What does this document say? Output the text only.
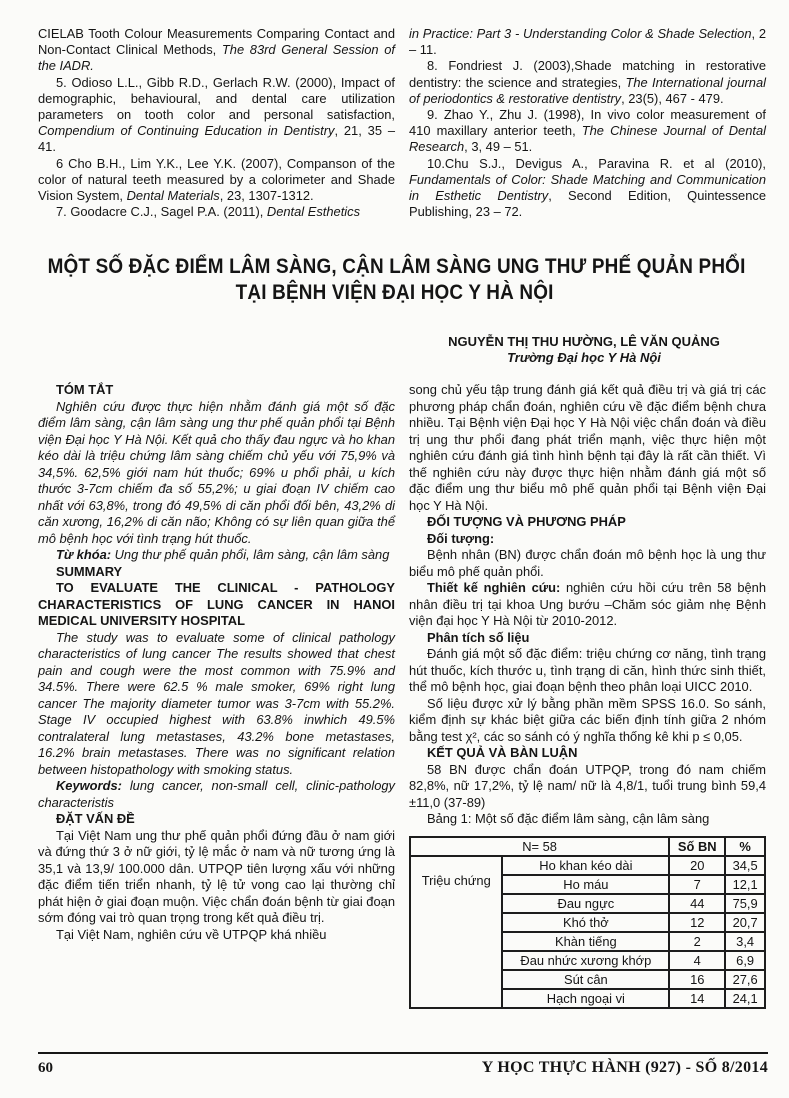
CIELAB Tooth Colour Measurements Comparing Contact and Non-Contact Clinical Methods, The 83rd General Session of the IADR.

5. Odioso L.L., Gibb R.D., Gerlach R.W. (2000), Impact of demographic, behavioural, and dental care utilization parameters on tooth color and personal satisfaction, Compendium of Continuing Education in Dentistry, 21, 35 – 41.

6 Cho B.H., Lim Y.K., Lee Y.K. (2007), Companson of the color of natural teeth measured by a colorimeter and Shade Vision System, Dental Materials, 23, 1307-1312.

7. Goodacre C.J., Sagel P.A. (2011), Dental Esthetics

in Practice: Part 3 - Understanding Color & Shade Selection, 2 – 11.

8. Fondriest J. (2003),Shade matching in restorative dentistry: the science and strategies, The International journal of periodontics & restorative dentistry, 23(5), 467 - 479.

9. Zhao Y., Zhu J. (1998), In vivo color measurement of 410 maxillary anterior teeth, The Chinese Journal of Dental Research, 3, 49 – 51.

10.Chu S.J., Devigus A., Paravina R. et al (2010), Fundamentals of Color: Shade Matching and Communication in Esthetic Dentistry, Second Edition, Quintessence Publishing, 23 – 72.

MỘT SỐ ĐẶC ĐIỂM LÂM SÀNG, CẬN LÂM SÀNG UNG THƯ PHẾ QUẢN PHỔI
TẠI BỆNH VIỆN ĐẠI HỌC Y HÀ NỘI
NGUYỄN THỊ THU HƯỜNG, LÊ VĂN QUẢNG
Trường Đại học Y Hà Nội

TÓM TẮT

Nghiên cứu được thực hiện nhằm đánh giá một số đặc điểm lâm sàng, cận lâm sàng ung thư phế quản phổi tại Bệnh viện Đại học Y Hà Nội. Kết quả cho thấy đau ngực và ho khan kéo dài là triệu chứng lâm sàng chiếm chủ yếu với 75,9% và 34,5%. 62,5% giới nam hút thuốc; 69% u phổi phải, u kích thước 3-7cm chiếm đa số 55,2%; u giai đoạn IV chiếm cao nhất với 63,8%, trong đó 49,5% di căn phổi đối bên, 43,2% di căn xương, 16,2% di căn não; Không có sự liên quan giữa thể mô bệnh học với tình trạng hút thuốc.

Từ khóa: Ung thư phế quản phổi, lâm sàng, cận lâm sàng

SUMMARY

TO EVALUATE THE CLINICAL - PATHOLOGY CHARACTERISTICS OF LUNG CANCER IN HANOI MEDICAL UNIVERSITY HOSPITAL

The study was to evaluate some of clinical pathology characteristics of lung cancer The results showed that chest pain and cough were the most common with 75.9% and 34.5%. There were 62.5 % male smoker, 69% right lung cancer The majority diameter tumor was 3-7cm with 55.2%. Stage IV occupied highest with 63.8% inwhich 49.5% contralateral lung metastases, 43.2% bone metastases, 16.2% brain metastases. There was no significant relation between histopathology with smoking status.

Keywords: lung cancer, non-small cell, clinic-pathology characteristis

ĐẶT VẤN ĐỀ

Tại Việt Nam ung thư phế quản phổi đứng đầu ở nam giới và đứng thứ 3 ở nữ giới, tỷ lệ mắc ở nam và nữ tương ứng là 35,1 và 13,9/ 100.000 dân. UTPQP tiên lượng xấu với những đặc điểm tiến triển nhanh, tỷ lệ tử vong cao lại thường chỉ phát hiện ở giai đoạn muộn. Việc chẩn đoán bệnh từ giai đoạn sớm đóng vai trò quan trọng trong kết quả điều trị.

Tại Việt Nam, nghiên cứu về UTPQP khá nhiều

song chủ yếu tập trung đánh giá kết quả điều trị và giá trị các phương pháp chẩn đoán, nghiên cứu về đặc điểm bệnh chưa nhiều. Tại Bệnh viện Đại học Y Hà Nội việc chẩn đoán và điều trị ung thư phổi đang phát triển mạnh, việc thực hiện một nghiên cứu đánh giá tình hình bệnh tại đây là rất cần thiết. Vì thế nghiên cứu này được thực hiện nhằm đánh giá một số đặc điểm ung thư biểu mô phế quản phổi tại Bệnh viện Đại học Y Hà Nội.

ĐỐI TƯỢNG VÀ PHƯƠNG PHÁP

Đối tượng:

Bệnh nhân (BN) được chẩn đoán mô bệnh học là ung thư biểu mô phế quản phổi.

Thiết kế nghiên cứu: nghiên cứu hồi cứu trên 58 bệnh nhân điều trị tại khoa Ung bướu –Chăm sóc giảm nhẹ Bệnh viện đại học Y Hà Nội từ 2010-2012.

Phân tích số liệu

Đánh giá một số đặc điểm: triệu chứng cơ năng, tình trạng hút thuốc, kích thước u, tình trạng di căn, hình thức sinh thiết, thể mô bệnh học, giai đoạn bệnh theo phân loại UICC 2010.

Số liệu được xử lý bằng phần mềm SPSS 16.0. So sánh, kiểm định sự khác biệt giữa các biến định tính giữa 2 nhóm bằng test χ², các so sánh có ý nghĩa thống kê khi p ≤ 0,05.

KẾT QUẢ VÀ BÀN LUẬN

58 BN được chẩn đoán UTPQP, trong đó nam chiếm 82,8%, nữ 17,2%, tỷ lệ nam/ nữ là 4,8/1, tuổi trung bình 59,4 ±11,0 (37-89)

Bảng 1: Một số đặc điểm lâm sàng, cận lâm sàng

N= 58		Số BN	%
Triệu chứng	Ho khan kéo dài	20	34,5
	Ho máu	7	12,1
	Đau ngực	44	75,9
	Khó thở	12	20,7
	Khàn tiếng	2	3,4
	Đau nhức xương khớp	4	6,9
	Sút cân	16	27,6
	Hạch ngoại vi	14	24,1
60	Y HỌC THỰC HÀNH (927) - SỐ 8/2014
